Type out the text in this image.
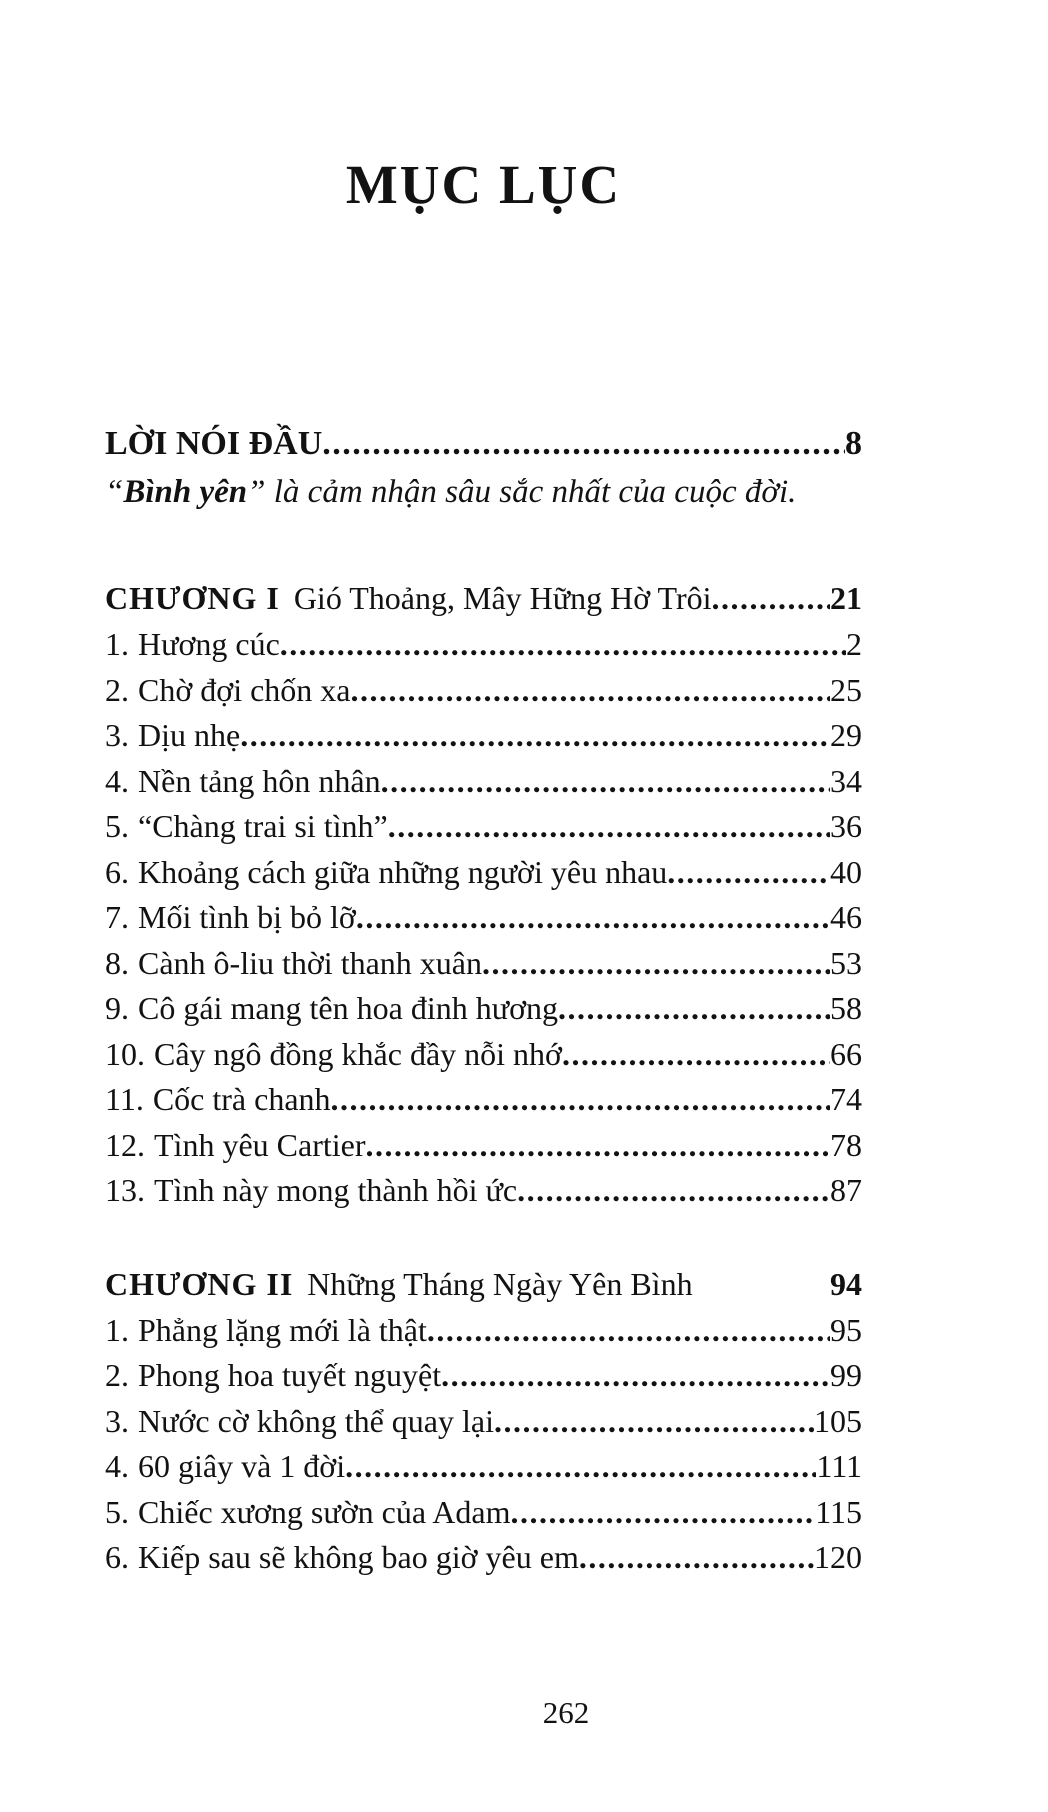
MỤC LỤC
LỜI NÓI ĐẦU .....	8
“Bình yên” là cảm nhận sâu sắc nhất của cuộc đời.
CHƯƠNG I Gió Thoảng, Mây Hững Hờ Trôi .....	21
1. Hương cúc .....	2
2. Chờ đợi chốn xa .....	25
3. Dịu nhẹ .....	29
4. Nền tảng hôn nhân .....	34
5. “Chàng trai si tình” .....	36
6. Khoảng cách giữa những người yêu nhau .....	40
7. Mối tình bị bỏ lỡ .....	46
8. Cành ô-liu thời thanh xuân .....	53
9. Cô gái mang tên hoa đinh hương .....	58
10. Cây ngô đồng khắc đầy nỗi nhớ .....	66
11. Cốc trà chanh .....	74
12. Tình yêu Cartier .....	78
13. Tình này mong thành hồi ức .....	87
CHƯƠNG II Những Tháng Ngày Yên Bình	94
1. Phẳng lặng mới là thật .....	95
2. Phong hoa tuyết nguyệt .....	99
3. Nước cờ không thể quay lại .....	105
4. 60 giây và 1 đời .....	111
5. Chiếc xương sườn của Adam .....	115
6. Kiếp sau sẽ không bao giờ yêu em .....	120
262
